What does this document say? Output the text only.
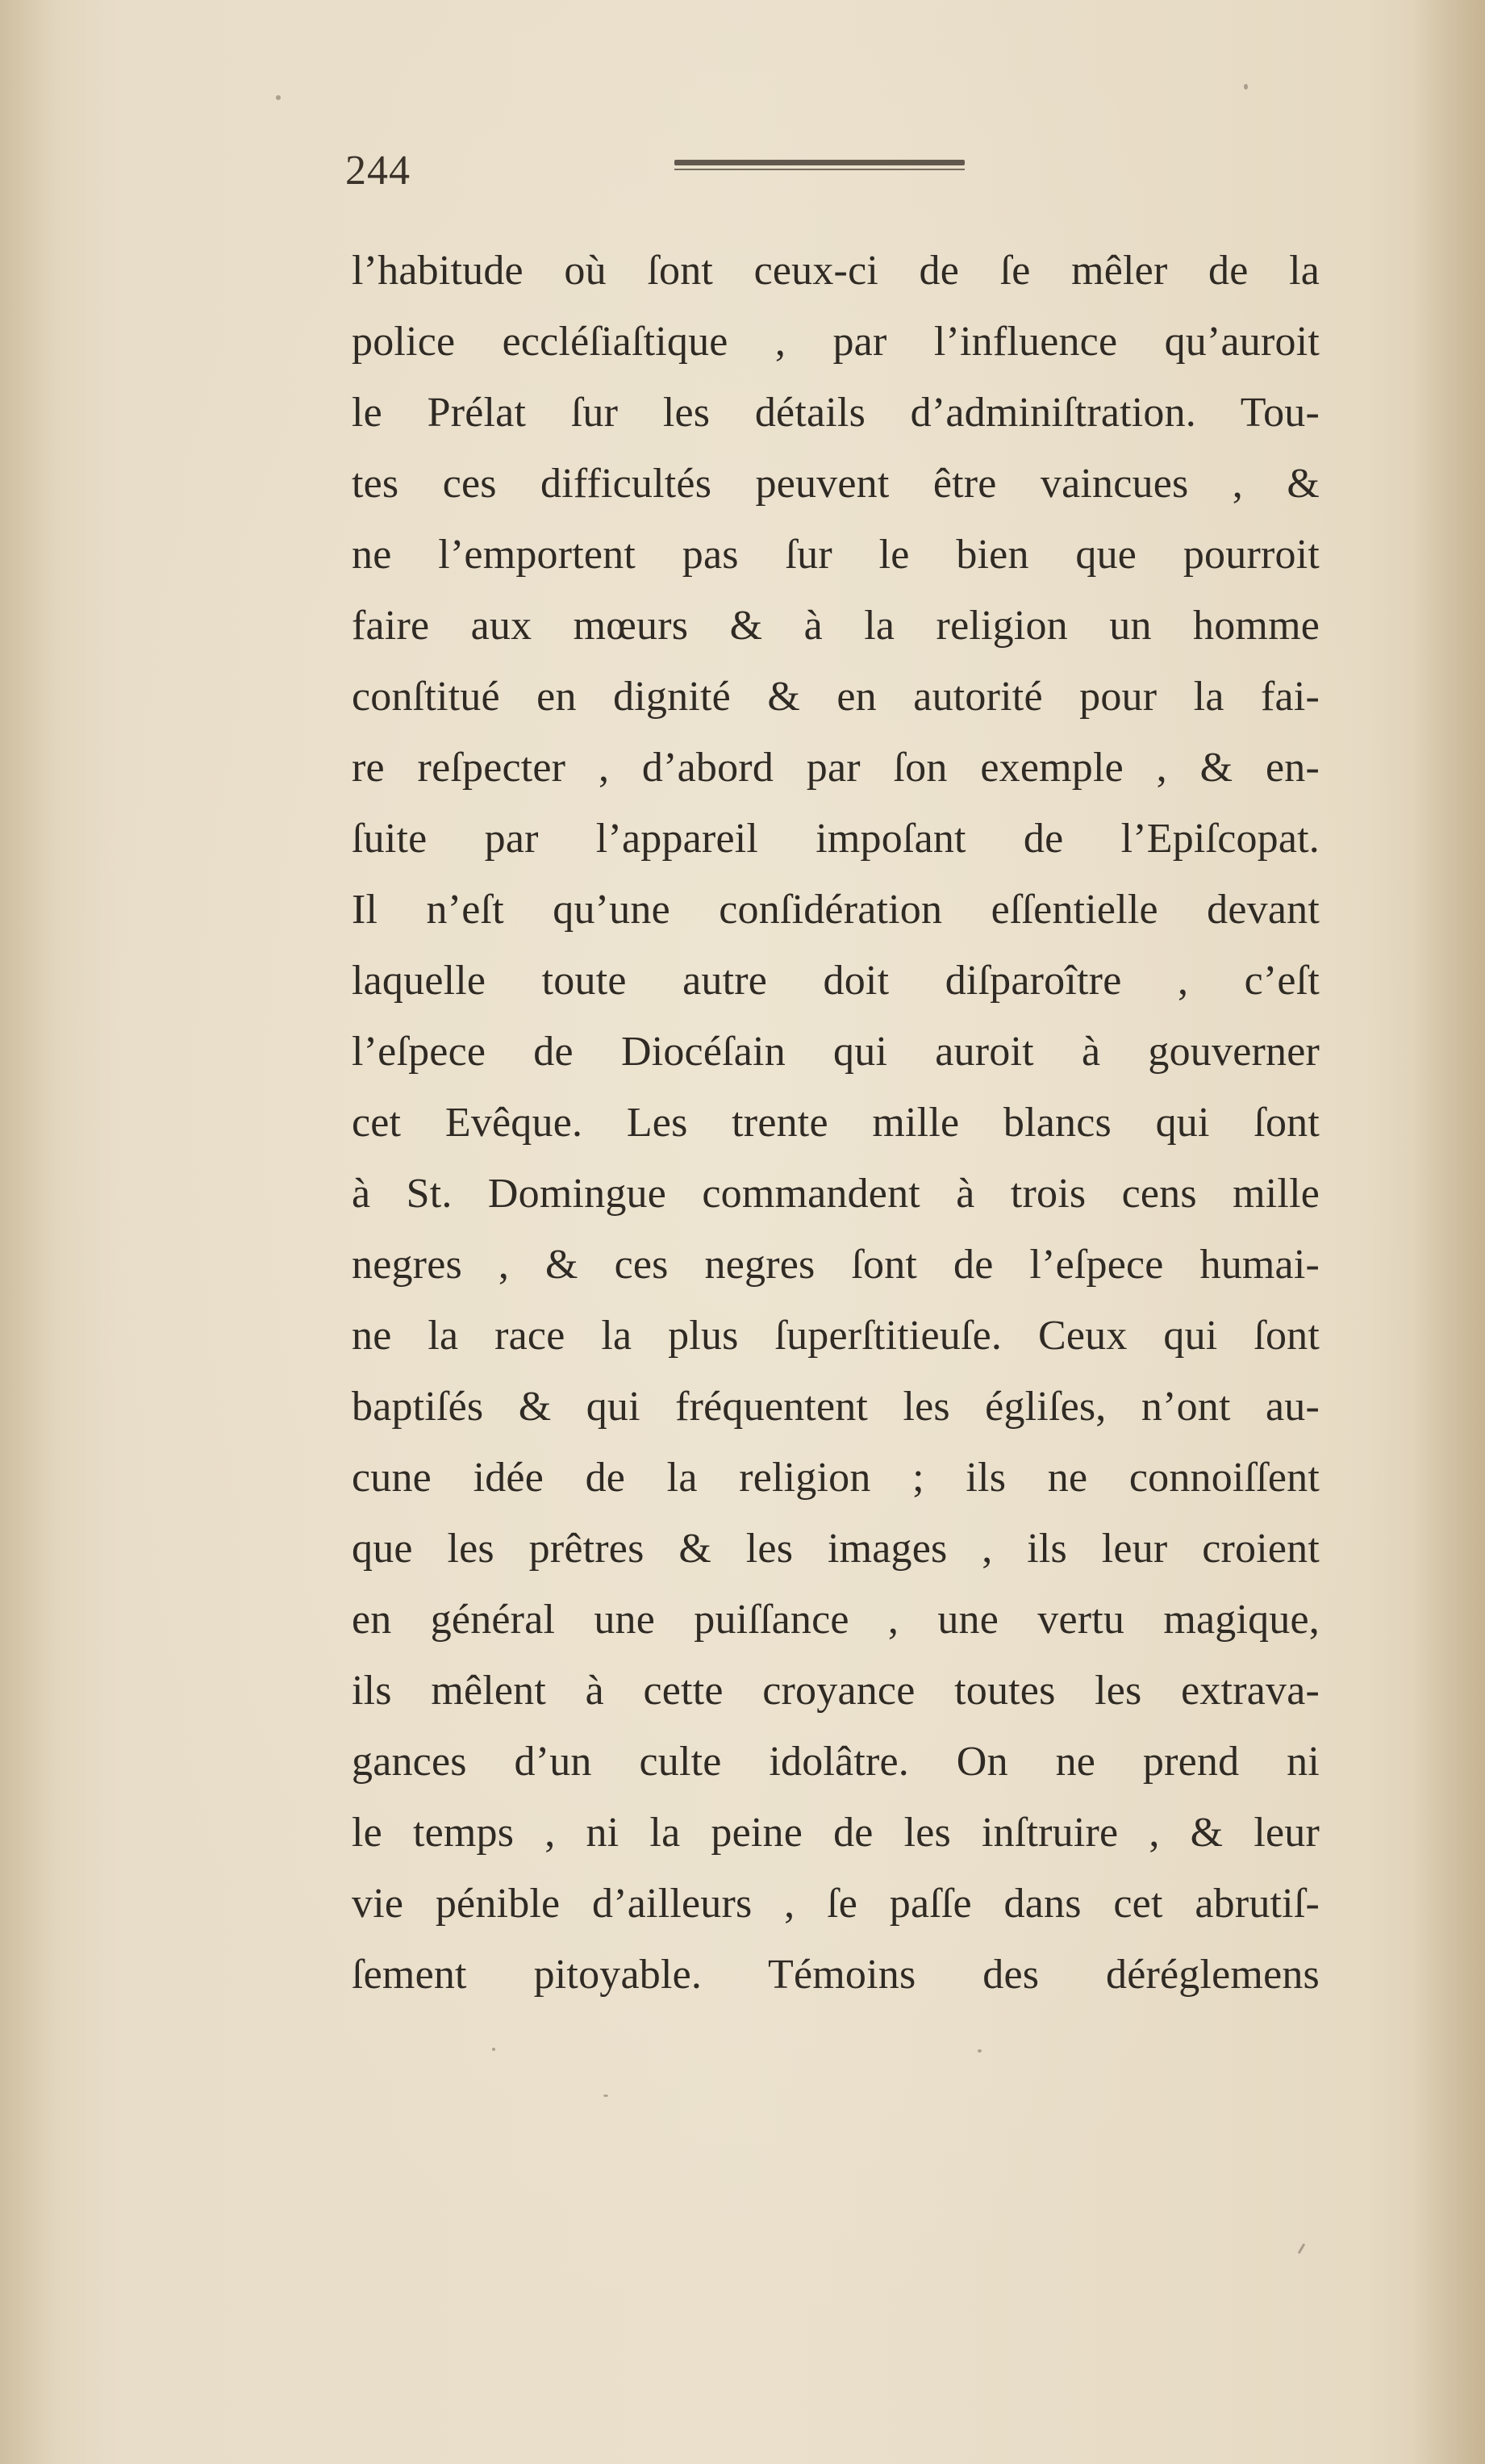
244
l’habitude où ſont ceux-ci de ſe mêler de la
police eccléſiaſtique , par l’influence qu’auroit
le Prélat ſur les détails d’adminiſtration. Tou-
tes ces difficultés peuvent être vaincues , &
ne l’emportent pas ſur le bien que pourroit
faire aux mœurs & à la religion un homme
conſtitué en dignité & en autorité pour la fai-
re reſpecter , d’abord par ſon exemple , & en-
ſuite par l’appareil impoſant de l’Epiſcopat.
Il n’eſt qu’une conſidération eſſentielle devant
laquelle toute autre doit diſparoître , c’eſt
l’eſpece de Diocéſain qui auroit à gouverner
cet Evêque. Les trente mille blancs qui ſont
à St. Domingue commandent à trois cens mille
negres , & ces negres ſont de l’eſpece humai-
ne la race la plus ſuperſtitieuſe. Ceux qui ſont
baptiſés & qui fréquentent les égliſes, n’ont au-
cune idée de la religion ; ils ne connoiſſent
que les prêtres & les images , ils leur croient
en général une puiſſance , une vertu magique,
ils mêlent à cette croyance toutes les extrava-
gances d’un culte idolâtre. On ne prend ni
le temps , ni la peine de les inſtruire , & leur
vie pénible d’ailleurs , ſe paſſe dans cet abrutiſ-
ſement pitoyable. Témoins des déréglemens
